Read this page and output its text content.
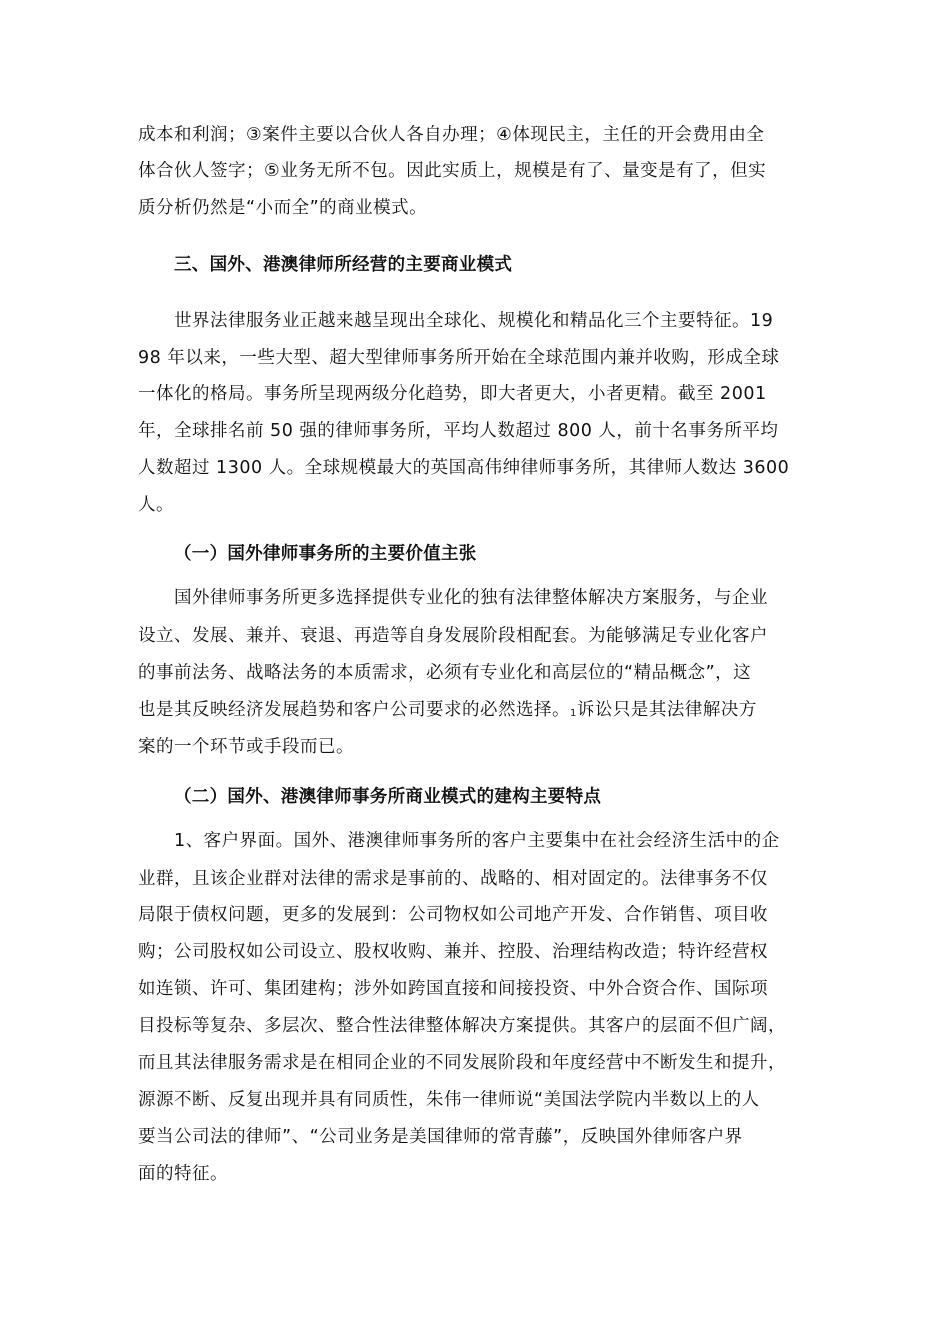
成本和利润；③案件主要以合伙人各自办理；④体现民主，主任的开会费用由全
体合伙人签字；⑤业务无所不包。因此实质上，规模是有了、量变是有了，但实
质分析仍然是“小而全”的商业模式。
三、国外、港澳律师所经营的主要商业模式
世界法律服务业正越来越呈现出全球化、规模化和精品化三个主要特征。19
98 年以来，一些大型、超大型律师事务所开始在全球范围内兼并收购，形成全球
一体化的格局。事务所呈现两级分化趋势，即大者更大，小者更精。截至 2001
年，全球排名前 50 强的律师事务所，平均人数超过 800 人，前十名事务所平均
人数超过 1300 人。全球规模最大的英国高伟绅律师事务所，其律师人数达 3600
人。
（一）国外律师事务所的主要价值主张
国外律师事务所更多选择提供专业化的独有法律整体解决方案服务，与企业
设立、发展、兼并、衰退、再造等自身发展阶段相配套。为能够满足专业化客户
的事前法务、战略法务的本质需求，必须有专业化和高层位的“精品概念”，这
也是其反映经济发展趋势和客户公司要求的必然选择。1诉讼只是其法律解决方
案的一个环节或手段而已。
（二）国外、港澳律师事务所商业模式的建构主要特点
1、客户界面。国外、港澳律师事务所的客户主要集中在社会经济生活中的企
业群，且该企业群对法律的需求是事前的、战略的、相对固定的。法律事务不仅
局限于债权问题，更多的发展到：公司物权如公司地产开发、合作销售、项目收
购；公司股权如公司设立、股权收购、兼并、控股、治理结构改造；特许经营权
如连锁、许可、集团建构；涉外如跨国直接和间接投资、中外合资合作、国际项
目投标等复杂、多层次、整合性法律整体解决方案提供。其客户的层面不但广阔，
而且其法律服务需求是在相同企业的不同发展阶段和年度经营中不断发生和提升，
源源不断、反复出现并具有同质性，朱伟一律师说“美国法学院内半数以上的人
要当公司法的律师”、“公司业务是美国律师的常青藤”，反映国外律师客户界
面的特征。
